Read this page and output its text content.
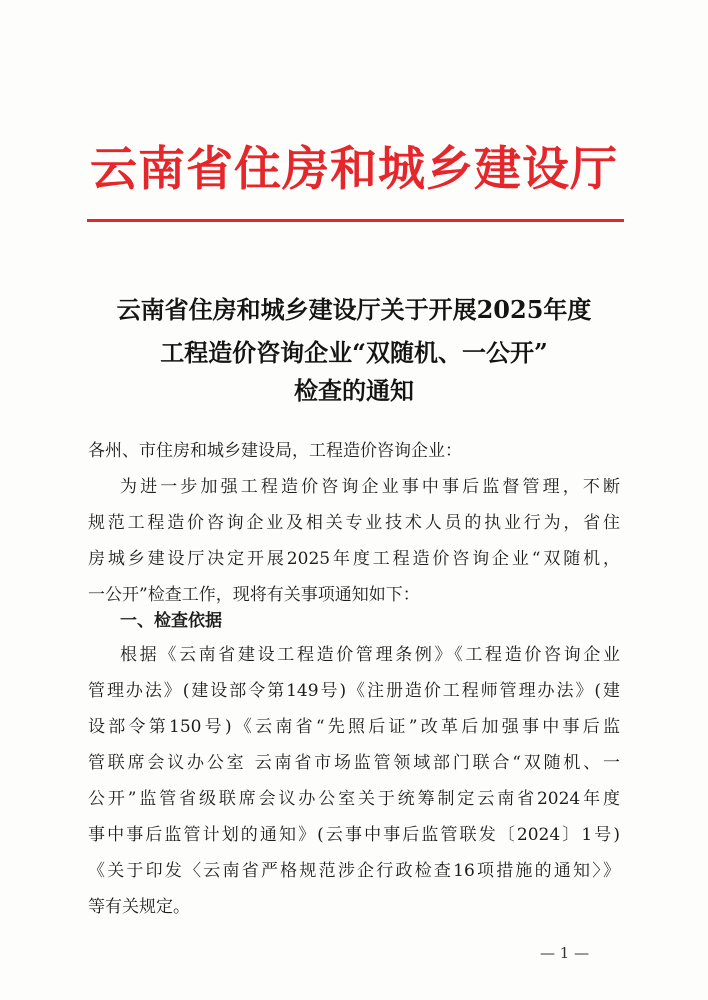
云南省住房和城乡建设厅
云南省住房和城乡建设厅关于开展2025年度
工程造价咨询企业“双随机、一公开”
检查的通知
各州、市住房和城乡建设局，工程造价咨询企业：
为进一步加强工程造价咨询企业事中事后监督管理，不断
规范工程造价咨询企业及相关专业技术人员的执业行为，省住
房城乡建设厅决定开展2025年度工程造价咨询企业“双随机，
一公开”检查工作，现将有关事项通知如下：
一、检查依据
根据《云南省建设工程造价管理条例》《工程造价咨询企业
管理办法》(建设部令第149号)《注册造价工程师管理办法》(建
设部令第150号)《云南省“先照后证”改革后加强事中事后监
管联席会议办公室 云南省市场监管领域部门联合“双随机、一
公开”监管省级联席会议办公室关于统筹制定云南省2024年度
事中事后监管计划的通知》(云事中事后监管联发〔2024〕1号)
《关于印发〈云南省严格规范涉企行政检查16项措施的通知〉》
等有关规定。
— 1 —
